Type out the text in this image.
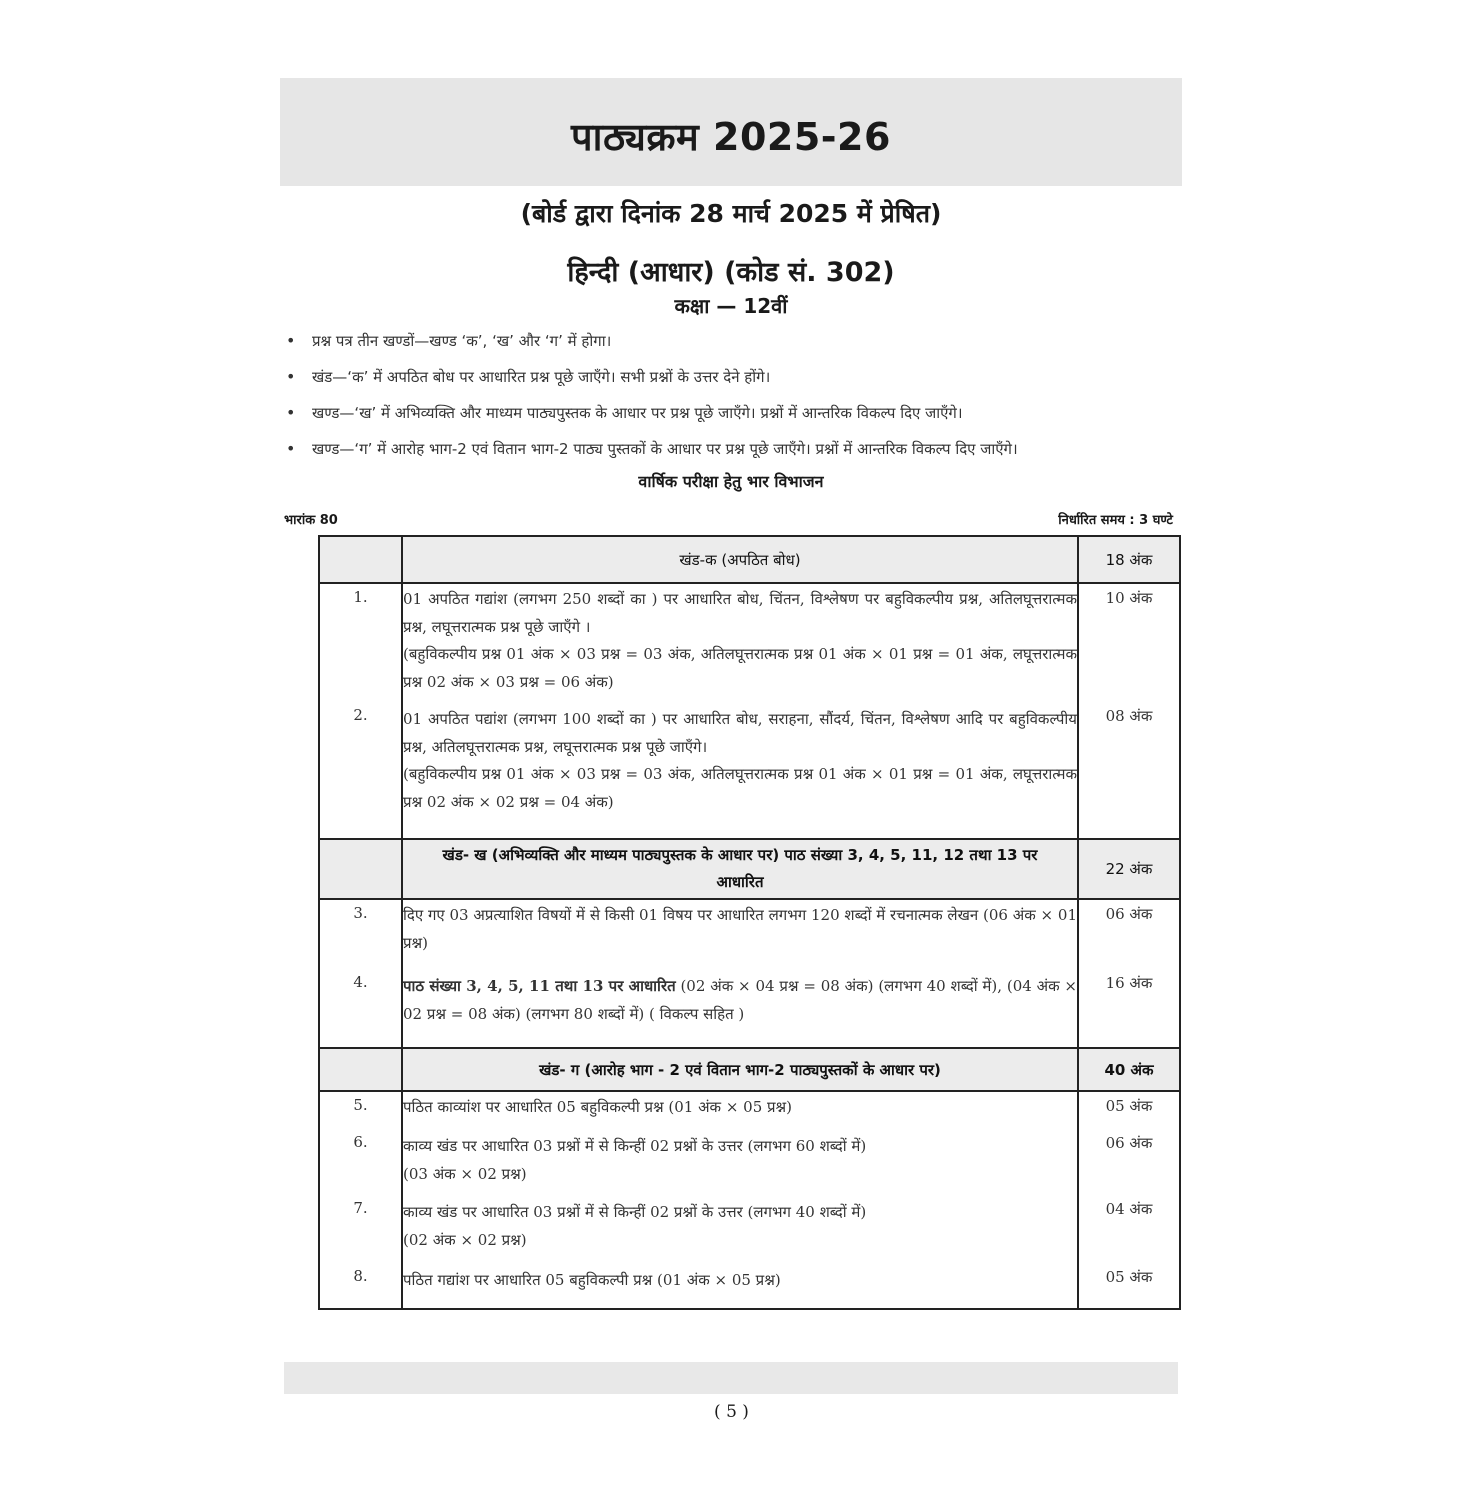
पाठ्यक्रम 2025-26
(बोर्ड द्वारा दिनांक 28 मार्च 2025 में प्रेषित)
हिन्दी (आधार) (कोड सं. 302)
कक्षा — 12वीं
• प्रश्न पत्र तीन खण्डों—खण्ड ‘क’, ‘ख’ और ‘ग’ में होगा।
• खंड—‘क’ में अपठित बोध पर आधारित प्रश्न पूछे जाएँगे। सभी प्रश्नों के उत्तर देने होंगे।
• खण्ड—‘ख’ में अभिव्यक्ति और माध्यम पाठ्यपुस्तक के आधार पर प्रश्न पूछे जाएँगे। प्रश्नों में आन्तरिक विकल्प दिए जाएँगे।
• खण्ड—‘ग’ में आरोह भाग-2 एवं वितान भाग-2 पाठ्य पुस्तकों के आधार पर प्रश्न पूछे जाएँगे। प्रश्नों में आन्तरिक विकल्प दिए जाएँगे।
वार्षिक परीक्षा हेतु भार विभाजन
भारांक 80	निर्धारित समय : 3 घण्टे
	खंड-क (अपठित बोध)	18 अंक
1.	01 अपठित गद्यांश (लगभग 250 शब्दों का ) पर आधारित बोध, चिंतन, विश्लेषण पर बहुविकल्पीय प्रश्न, अतिलघूत्तरात्मक प्रश्न, लघूत्तरात्मक प्रश्न पूछे जाएँगे ।

(बहुविकल्पीय प्रश्न 01 अंक × 03 प्रश्न = 03 अंक, अतिलघूत्तरात्मक प्रश्न 01 अंक × 01 प्रश्न = 01 अंक, लघूत्तरात्मक प्रश्न 02 अंक × 03 प्रश्न = 06 अंक)	10 अंक
2.	01 अपठित पद्यांश (लगभग 100 शब्दों का ) पर आधारित बोध, सराहना, सौंदर्य, चिंतन, विश्लेषण आदि पर बहुविकल्पीय प्रश्न, अतिलघूत्तरात्मक प्रश्न, लघूत्तरात्मक प्रश्न पूछे जाएँगे।

(बहुविकल्पीय प्रश्न 01 अंक × 03 प्रश्न = 03 अंक, अतिलघूत्तरात्मक प्रश्न 01 अंक × 01 प्रश्न = 01 अंक, लघूत्तरात्मक प्रश्न 02 अंक × 02 प्रश्न = 04 अंक)	08 अंक
	खंड- ख (अभिव्यक्ति और माध्यम पाठ्यपुस्तक के आधार पर) पाठ संख्या 3, 4, 5, 11, 12 तथा 13 पर आधारित	22 अंक
3.	दिए गए 03 अप्रत्याशित विषयों में से किसी 01 विषय पर आधारित लगभग 120 शब्दों में रचनात्मक लेखन (06 अंक × 01 प्रश्न)	06 अंक
4.	पाठ संख्या 3, 4, 5, 11 तथा 13 पर आधारित (02 अंक × 04 प्रश्न = 08 अंक) (लगभग 40 शब्दों में), (04 अंक × 02 प्रश्न = 08 अंक) (लगभग 80 शब्दों में) ( विकल्प सहित )	16 अंक
	खंड- ग (आरोह भाग - 2 एवं वितान भाग-2 पाठ्यपुस्तकों के आधार पर)	40 अंक
5.	पठित काव्यांश पर आधारित 05 बहुविकल्पी प्रश्न (01 अंक × 05 प्रश्न)	05 अंक
6.	काव्य खंड पर आधारित 03 प्रश्नों में से किन्हीं 02 प्रश्नों के उत्तर (लगभग 60 शब्दों में)

(03 अंक × 02 प्रश्न)	06 अंक
7.	काव्य खंड पर आधारित 03 प्रश्नों में से किन्हीं 02 प्रश्नों के उत्तर (लगभग 40 शब्दों में)

(02 अंक × 02 प्रश्न)	04 अंक
8.	पठित गद्यांश पर आधारित 05 बहुविकल्पी प्रश्न (01 अंक × 05 प्रश्न)	05 अंक
( 5 )
